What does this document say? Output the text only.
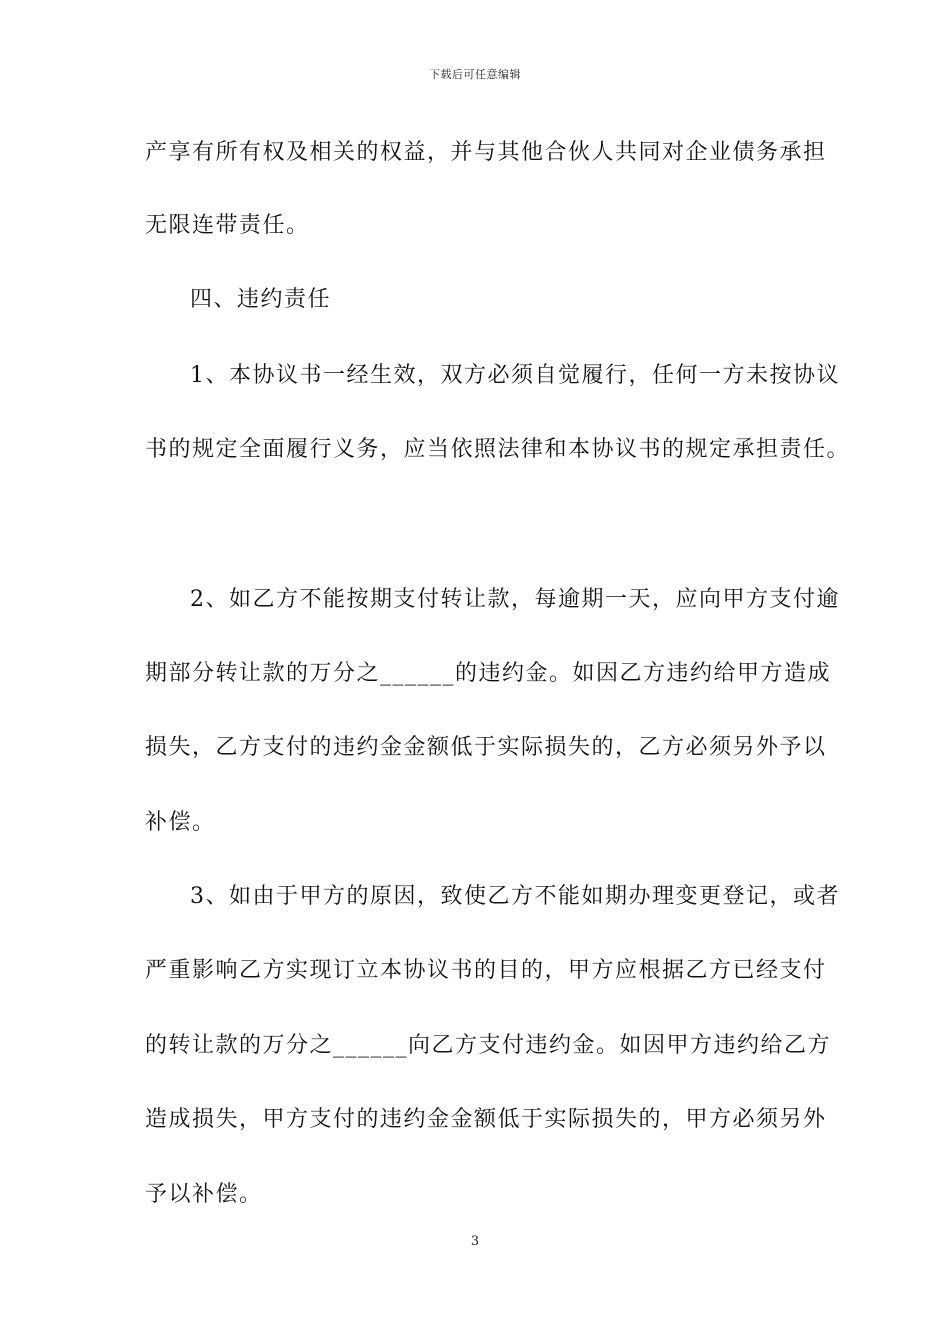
下载后可任意编辑
产享有所有权及相关的权益，并与其他合伙人共同对企业债务承担
无限连带责任。
四、违约责任
1、本协议书一经生效，双方必须自觉履行，任何一方未按协议
书的规定全面履行义务，应当依照法律和本协议书的规定承担责任。
2、如乙方不能按期支付转让款，每逾期一天，应向甲方支付逾
期部分转让款的万分之______的违约金。如因乙方违约给甲方造成
损失，乙方支付的违约金金额低于实际损失的，乙方必须另外予以
补偿。
3、如由于甲方的原因，致使乙方不能如期办理变更登记，或者
严重影响乙方实现订立本协议书的目的，甲方应根据乙方已经支付
的转让款的万分之______向乙方支付违约金。如因甲方违约给乙方
造成损失，甲方支付的违约金金额低于实际损失的，甲方必须另外
予以补偿。
3
